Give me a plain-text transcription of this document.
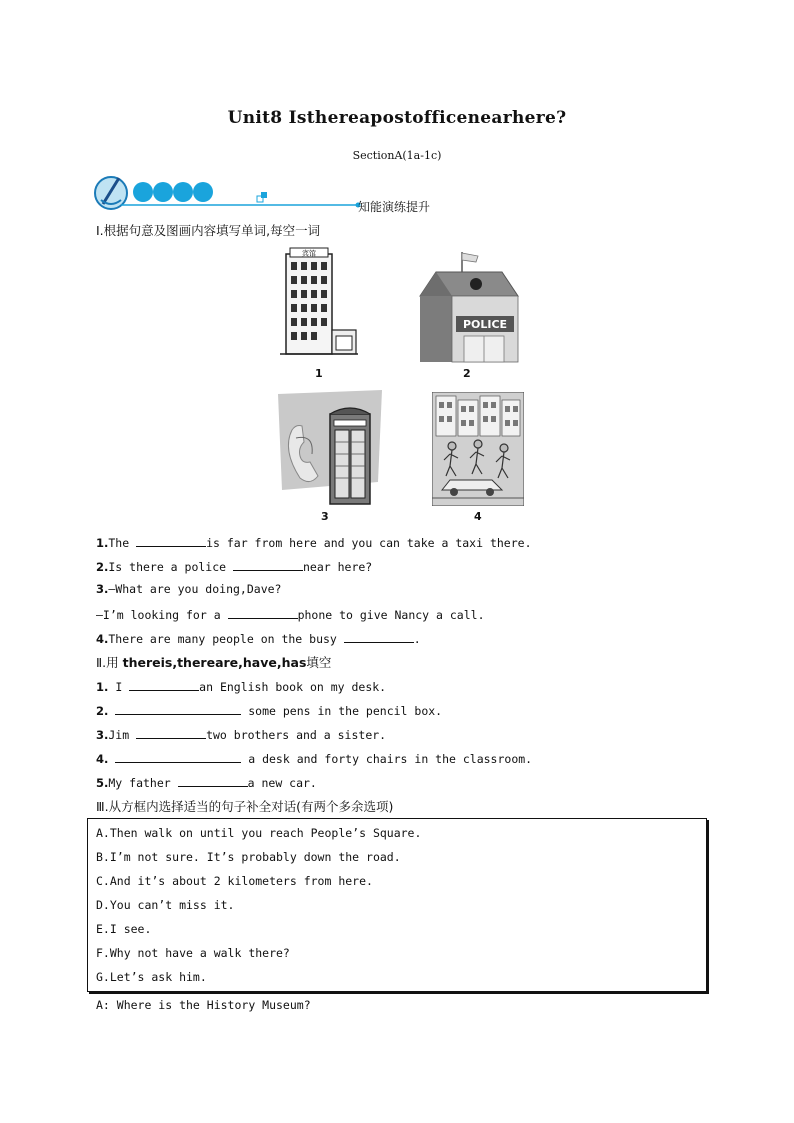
Unit8 Isthereapostofficenearhere?
SectionA(1a-1c)
知能演练提升
Ⅰ.根据句意及图画内容填写单词,每空一词
宾馆
1
POLICE
2
3	4
1.The	is far from here and you can take a taxi there.
2.Is there a police	near here?
3.—What are you doing,Dave?
—I’m looking for a	phone to give Nancy a call.
4.There are many people on the busy	.
Ⅱ.用 thereis,thereare,have,has填空
1. I	an English book on my desk.
2.	some pens in the pencil box.
3.Jim	two brothers and a sister.
4.	a desk and forty chairs in the classroom.
5.My father	a new car.
Ⅲ.从方框内选择适当的句子补全对话(有两个多余选项)
A.Then walk on until you reach People’s Square.
B.I’m not sure. It’s probably down the road.
C.And it’s about 2 kilometers from here.
D.You can’t miss it.
E.I see.
F.Why not have a walk there?
G.Let’s ask him.
A: Where is the History Museum?
